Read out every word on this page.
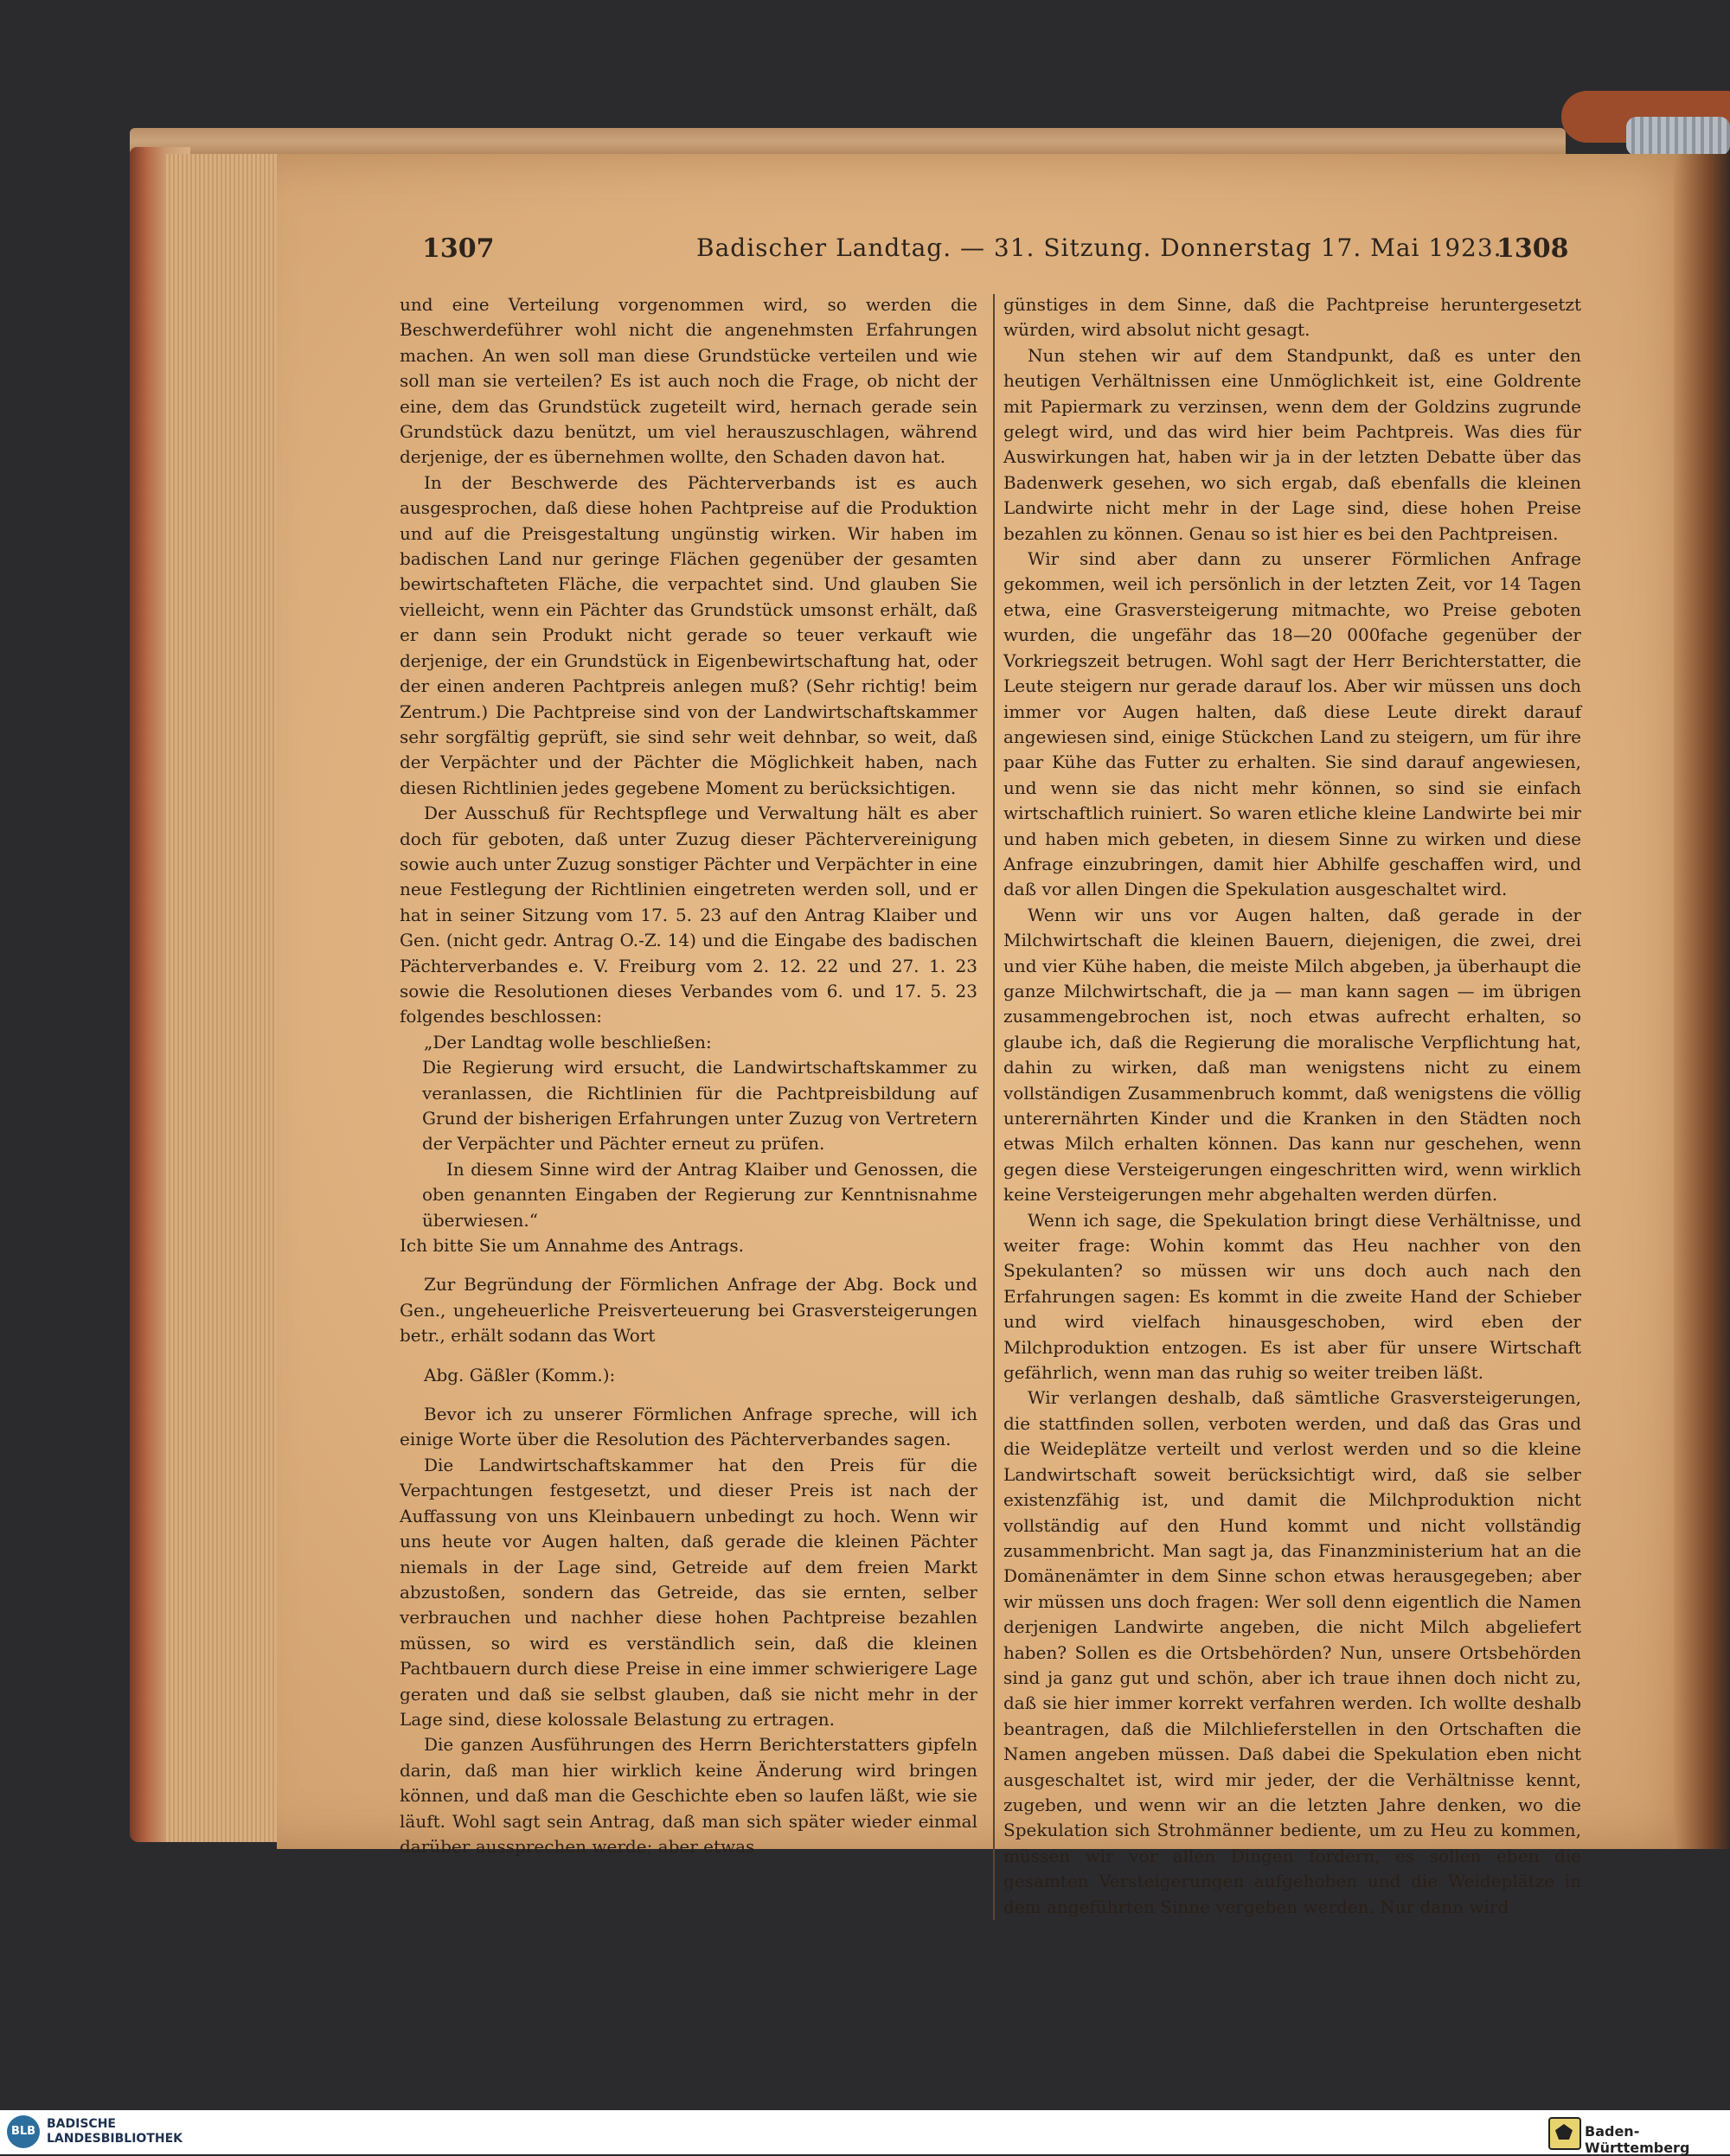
1307	Badischer Landtag. — 31. Sitzung. Donnerstag 17. Mai 1923.
1308

und eine Verteilung vorgenommen wird, so werden die Beschwerdeführer wohl nicht die angenehmsten Erfahrungen machen. An wen soll man diese Grundstücke verteilen und wie soll man sie verteilen? Es ist auch noch die Frage, ob nicht der eine, dem das Grundstück zugeteilt wird, hernach gerade sein Grundstück dazu benützt, um viel herauszuschlagen, während derjenige, der es übernehmen wollte, den Schaden davon hat.

In der Beschwerde des Pächterverbands ist es auch ausgesprochen, daß diese hohen Pachtpreise auf die Produktion und auf die Preisgestaltung ungünstig wirken. Wir haben im badischen Land nur geringe Flächen gegenüber der gesamten bewirtschafteten Fläche, die verpachtet sind. Und glauben Sie vielleicht, wenn ein Pächter das Grundstück umsonst erhält, daß er dann sein Produkt nicht gerade so teuer verkauft wie derjenige, der ein Grundstück in Eigenbewirtschaftung hat, oder der einen anderen Pachtpreis anlegen muß? (Sehr richtig! beim Zentrum.) Die Pachtpreise sind von der Landwirtschaftskammer sehr sorgfältig geprüft, sie sind sehr weit dehnbar, so weit, daß der Verpächter und der Pächter die Möglichkeit haben, nach diesen Richtlinien jedes gegebene Moment zu berücksichtigen.

Der Ausschuß für Rechtspflege und Verwaltung hält es aber doch für geboten, daß unter Zuzug dieser Pächtervereinigung sowie auch unter Zuzug sonstiger Pächter und Verpächter in eine neue Festlegung der Richtlinien eingetreten werden soll, und er hat in seiner Sitzung vom 17. 5. 23 auf den Antrag Klaiber und Gen. (nicht gedr. Antrag O.-Z. 14) und die Eingabe des badischen Pächterverbandes e. V. Freiburg vom 2. 12. 22 und 27. 1. 23 sowie die Resolutionen dieses Verbandes vom 6. und 17. 5. 23 folgendes beschlossen:

„Der Landtag wolle beschließen:

Die Regierung wird ersucht, die Landwirtschaftskammer zu veranlassen, die Richtlinien für die Pachtpreisbildung auf Grund der bisherigen Erfahrungen unter Zuzug von Vertretern der Verpächter und Pächter erneut zu prüfen.

In diesem Sinne wird der Antrag Klaiber und Genossen, die oben genannten Eingaben der Regierung zur Kenntnisnahme überwiesen.“

Ich bitte Sie um Annahme des Antrags.

Zur Begründung der Förmlichen Anfrage der Abg. Bock und Gen., ungeheuerliche Preisverteuerung bei Grasversteigerungen betr., erhält sodann das Wort

Abg. Gäßler (Komm.):

Bevor ich zu unserer Förmlichen Anfrage spreche, will ich einige Worte über die Resolution des Pächterverbandes sagen.

Die Landwirtschaftskammer hat den Preis für die Verpachtungen festgesetzt, und dieser Preis ist nach der Auffassung von uns Kleinbauern unbedingt zu hoch. Wenn wir uns heute vor Augen halten, daß gerade die kleinen Pächter niemals in der Lage sind, Getreide auf dem freien Markt abzustoßen, sondern das Getreide, das sie ernten, selber verbrauchen und nachher diese hohen Pachtpreise bezahlen müssen, so wird es verständlich sein, daß die kleinen Pachtbauern durch diese Preise in eine immer schwierigere Lage geraten und daß sie selbst glauben, daß sie nicht mehr in der Lage sind, diese kolossale Belastung zu ertragen.

Die ganzen Ausführungen des Herrn Berichterstatters gipfeln darin, daß man hier wirklich keine Änderung wird bringen können, und daß man die Geschichte eben so laufen läßt, wie sie läuft. Wohl sagt sein Antrag, daß man sich später wieder einmal darüber aussprechen werde; aber etwas

günstiges in dem Sinne, daß die Pachtpreise heruntergesetzt würden, wird absolut nicht gesagt.

Nun stehen wir auf dem Standpunkt, daß es unter den heutigen Verhältnissen eine Unmöglichkeit ist, eine Goldrente mit Papiermark zu verzinsen, wenn dem der Goldzins zugrunde gelegt wird, und das wird hier beim Pachtpreis. Was dies für Auswirkungen hat, haben wir ja in der letzten Debatte über das Badenwerk gesehen, wo sich ergab, daß ebenfalls die kleinen Landwirte nicht mehr in der Lage sind, diese hohen Preise bezahlen zu können. Genau so ist hier es bei den Pachtpreisen.

Wir sind aber dann zu unserer Förmlichen Anfrage gekommen, weil ich persönlich in der letzten Zeit, vor 14 Tagen etwa, eine Grasversteigerung mitmachte, wo Preise geboten wurden, die ungefähr das 18—20 000fache gegenüber der Vorkriegszeit betrugen. Wohl sagt der Herr Berichterstatter, die Leute steigern nur gerade darauf los. Aber wir müssen uns doch immer vor Augen halten, daß diese Leute direkt darauf angewiesen sind, einige Stückchen Land zu steigern, um für ihre paar Kühe das Futter zu erhalten. Sie sind darauf angewiesen, und wenn sie das nicht mehr können, so sind sie einfach wirtschaftlich ruiniert. So waren etliche kleine Landwirte bei mir und haben mich gebeten, in diesem Sinne zu wirken und diese Anfrage einzubringen, damit hier Abhilfe geschaffen wird, und daß vor allen Dingen die Spekulation ausgeschaltet wird.

Wenn wir uns vor Augen halten, daß gerade in der Milchwirtschaft die kleinen Bauern, diejenigen, die zwei, drei und vier Kühe haben, die meiste Milch abgeben, ja überhaupt die ganze Milchwirtschaft, die ja — man kann sagen — im übrigen zusammengebrochen ist, noch etwas aufrecht erhalten, so glaube ich, daß die Regierung die moralische Verpflichtung hat, dahin zu wirken, daß man wenigstens nicht zu einem vollständigen Zusammenbruch kommt, daß wenigstens die völlig unterernährten Kinder und die Kranken in den Städten noch etwas Milch erhalten können. Das kann nur geschehen, wenn gegen diese Versteigerungen eingeschritten wird, wenn wirklich keine Versteigerungen mehr abgehalten werden dürfen.

Wenn ich sage, die Spekulation bringt diese Verhältnisse, und weiter frage: Wohin kommt das Heu nachher von den Spekulanten? so müssen wir uns doch auch nach den Erfahrungen sagen: Es kommt in die zweite Hand der Schieber und wird vielfach hinausgeschoben, wird eben der Milchproduktion entzogen. Es ist aber für unsere Wirtschaft gefährlich, wenn man das ruhig so weiter treiben läßt.

Wir verlangen deshalb, daß sämtliche Grasversteigerungen, die stattfinden sollen, verboten werden, und daß das Gras und die Weideplätze verteilt und verlost werden und so die kleine Landwirtschaft soweit berücksichtigt wird, daß sie selber existenzfähig ist, und damit die Milchproduktion nicht vollständig auf den Hund kommt und nicht vollständig zusammenbricht. Man sagt ja, das Finanzministerium hat an die Domänenämter in dem Sinne schon etwas herausgegeben; aber wir müssen uns doch fragen: Wer soll denn eigentlich die Namen derjenigen Landwirte angeben, die nicht Milch abgeliefert haben? Sollen es die Ortsbehörden? Nun, unsere Ortsbehörden sind ja ganz gut und schön, aber ich traue ihnen doch nicht zu, daß sie hier immer korrekt verfahren werden. Ich wollte deshalb beantragen, daß die Milchlieferstellen in den Ortschaften die Namen angeben müssen. Daß dabei die Spekulation eben nicht ausgeschaltet ist, wird mir jeder, der die Verhältnisse kennt, zugeben, und wenn wir an die letzten Jahre denken, wo die Spekulation sich Strohmänner bediente, um zu Heu zu kommen, müssen wir vor allen Dingen fordern, es sollen eben die gesamten Versteigerungen aufgehoben und die Weideplätze in dem angeführten Sinne vergeben werden. Nur dann wird

BLB
BADISCHE
LANDESBIBLIOTHEK	Baden-Württemberg
